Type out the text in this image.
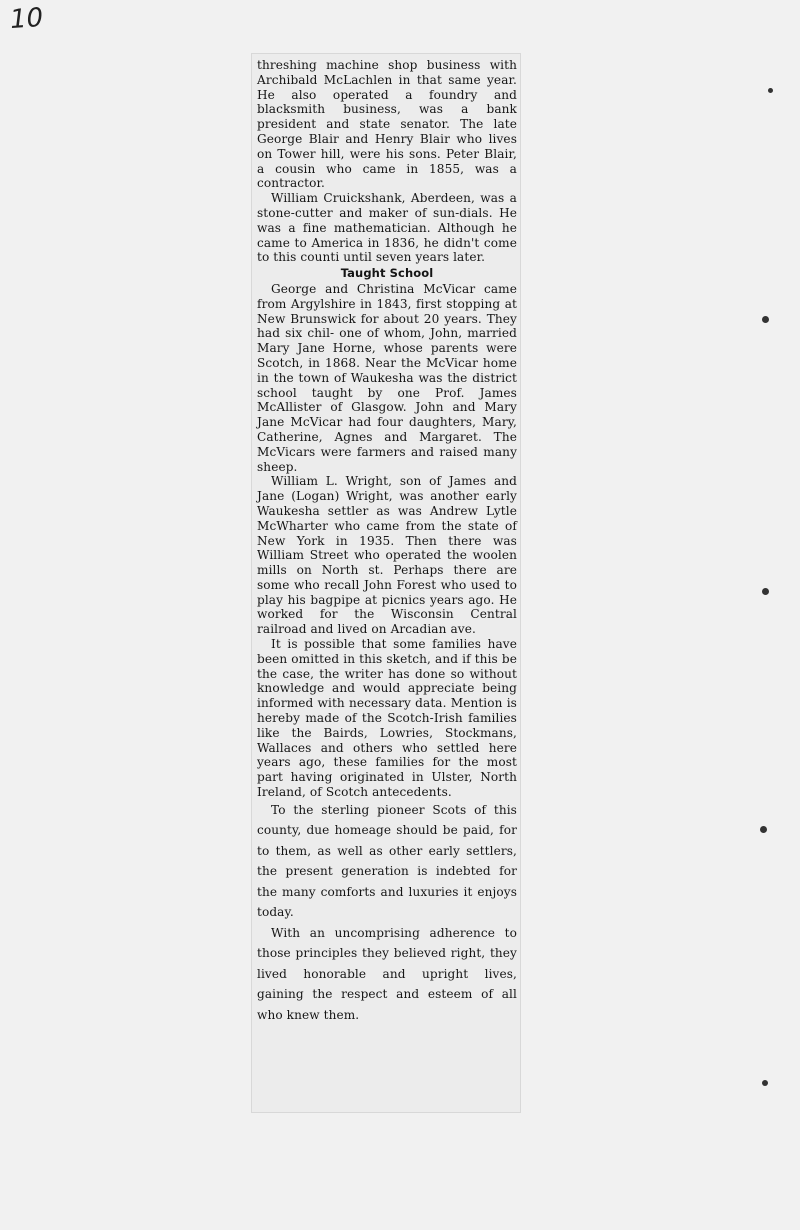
10

threshing machine shop business with Archibald McLachlen in that same year. He also operated a foundry and blacksmith business, was a bank president and state senator. The late George Blair and Henry Blair who lives on Tower hill, were his sons. Peter Blair, a cousin who came in 1855, was a contractor.

William Cruickshank, Aberdeen, was a stone-cutter and maker of sun-dials. He was a fine mathematician. Although he came to America in 1836, he didn't come to this counti until seven years later.

Taught School

George and Christina McVicar came from Argylshire in 1843, first stopping at New Brunswick for about 20 years. They had six chil- one of whom, John, married Mary Jane Horne, whose parents were Scotch, in 1868. Near the McVicar home in the town of Waukesha was the district school taught by one Prof. James McAllister of Glasgow. John and Mary Jane McVicar had four daughters, Mary, Catherine, Agnes and Margaret. The McVicars were farmers and raised many sheep.

William L. Wright, son of James and Jane (Logan) Wright, was another early Waukesha settler as was Andrew Lytle McWharter who came from the state of New York in 1935. Then there was William Street who operated the woolen mills on North st. Perhaps there are some who recall John Forest who used to play his bagpipe at picnics years ago. He worked for the Wisconsin Central railroad and lived on Arcadian ave.

It is possible that some families have been omitted in this sketch, and if this be the case, the writer has done so without knowledge and would appreciate being informed with necessary data. Mention is hereby made of the Scotch-Irish families like the Bairds, Lowries, Stockmans, Wallaces and others who settled here years ago, these families for the most part having originated in Ulster, North Ireland, of Scotch antecedents.

To the sterling pioneer Scots of this county, due homeage should be paid, for to them, as well as other early settlers, the present generation is indebted for the many comforts and luxuries it enjoys today.

With an uncomprising adherence to those principles they believed right, they lived honorable and upright lives, gaining the respect and esteem of all who knew them.
